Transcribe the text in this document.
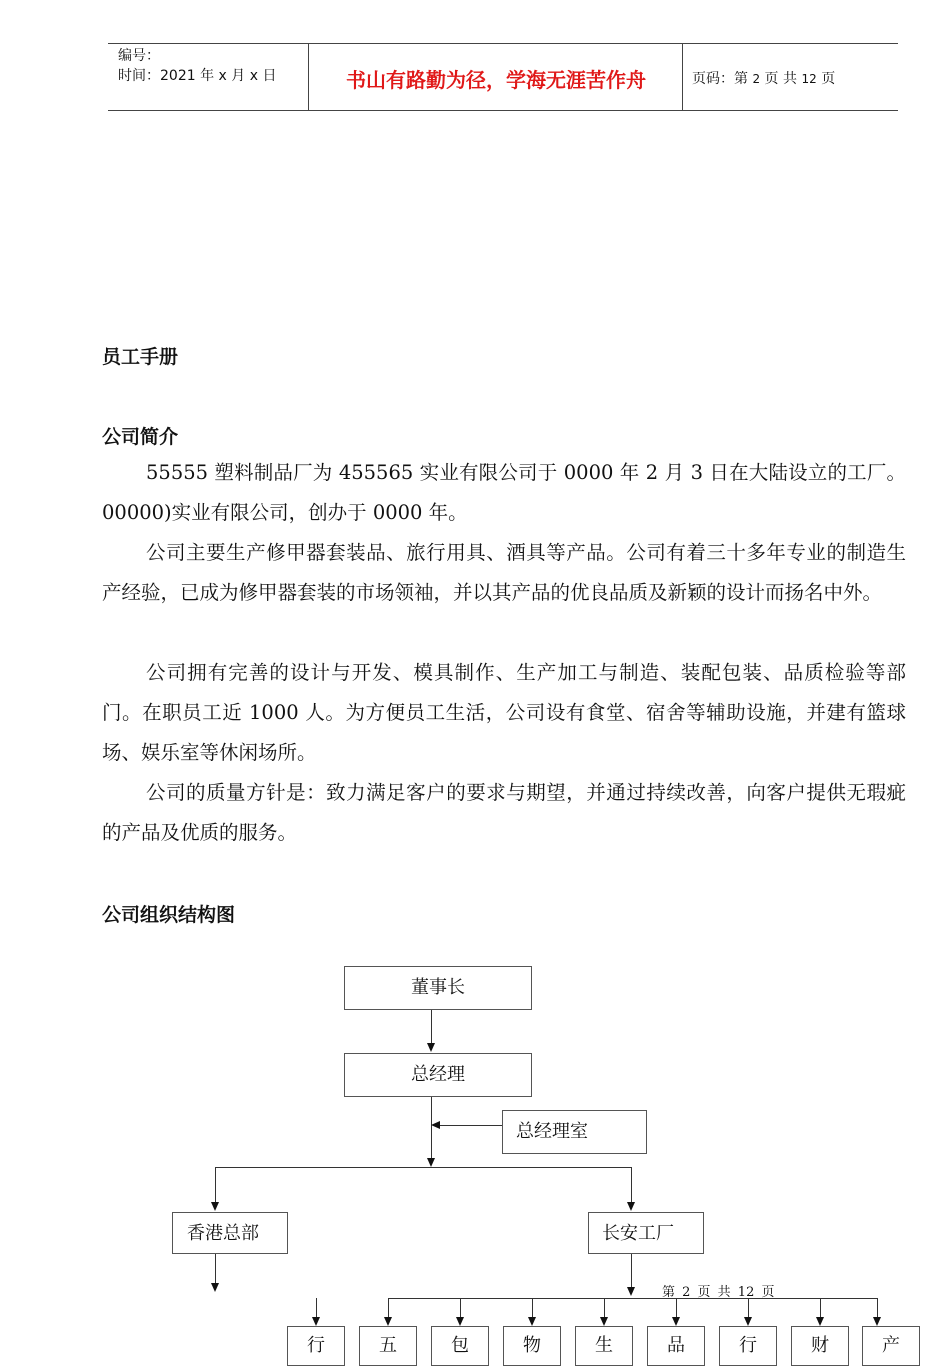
编号：
时间：2021 年 x 月 x 日	书山有路勤为径，学海无涯苦作舟	页码：第 2 页 共 12 页
员工手册
公司简介

55555 塑料制品厂为 455565 实业有限公司于 0000 年 2 月 3 日在大陆设立的工厂。00000)实业有限公司，创办于 0000 年。

公司主要生产修甲器套装品、旅行用具、酒具等产品。公司有着三十多年专业的制造生产经验，已成为修甲器套装的市场领袖，并以其产品的优良品质及新颖的设计而扬名中外。

公司拥有完善的设计与开发、模具制作、生产加工与制造、装配包装、品质检验等部门。在职员工近 1000 人。为方便员工生活，公司设有食堂、宿舍等辅助设施，并建有篮球场、娱乐室等休闲场所。

公司的质量方针是：致力满足客户的要求与期望，并通过持续改善，向客户提供无瑕疵的产品及优质的服务。

公司组织结构图
董事长
总经理
总经理室
香港总部	长安工厂
行	五	包	物	生	品	行	财	产
第 2 页 共 12 页
